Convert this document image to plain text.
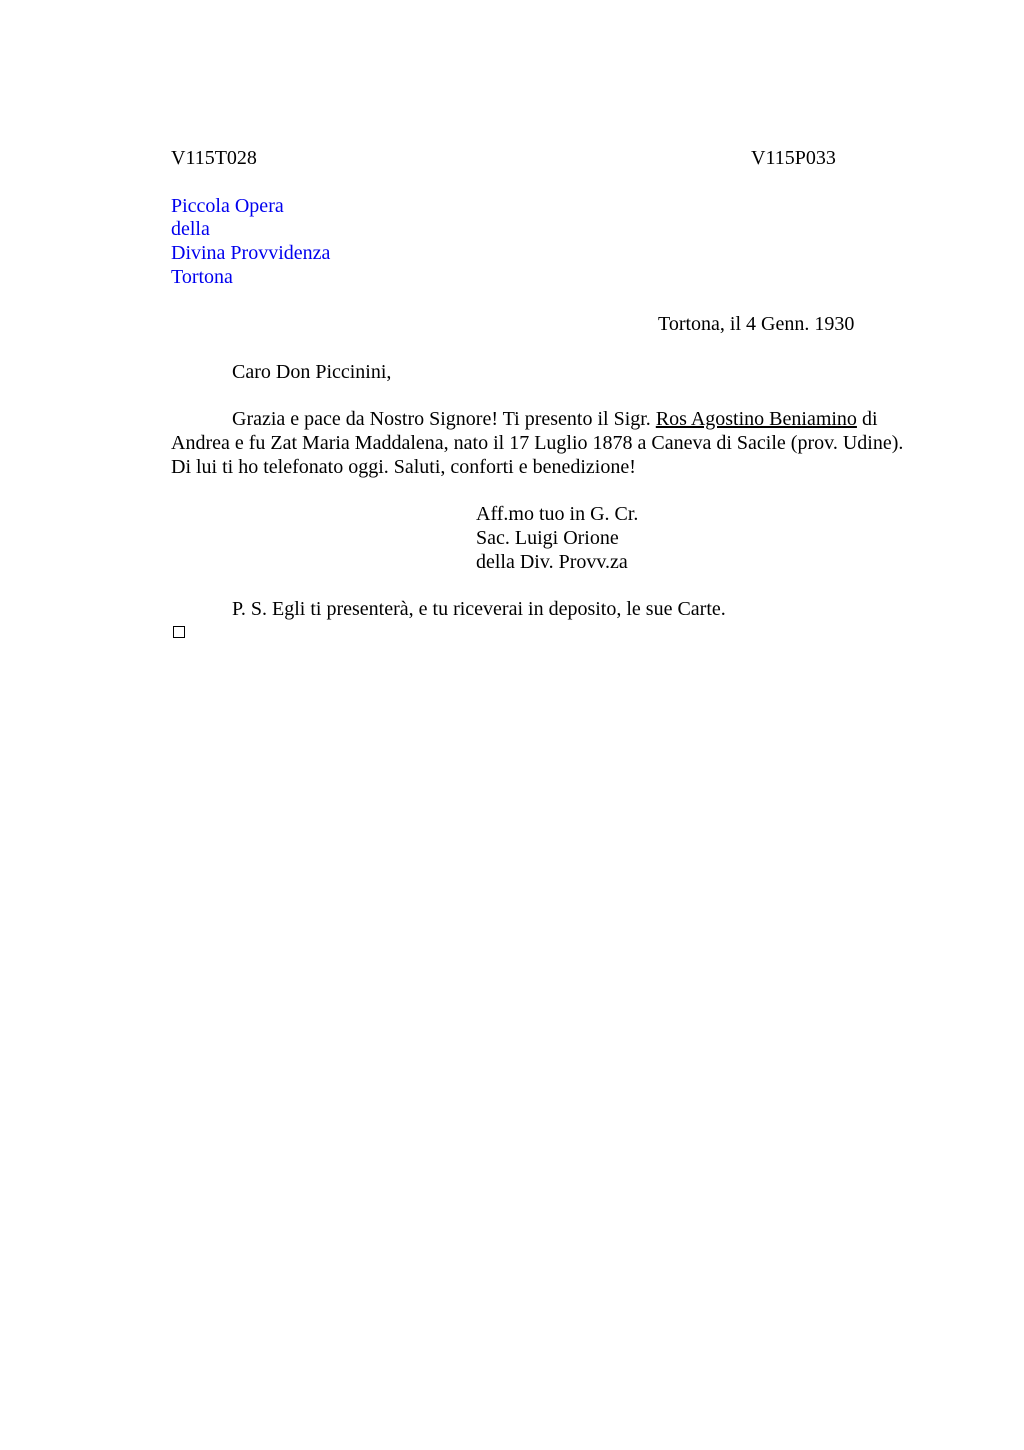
V115T028	V115P033
Piccola Opera
della
Divina Provvidenza
Tortona
Tortona, il 4 Genn. 1930
Caro Don Piccinini,
Grazia e pace da Nostro Signore! Ti presento il Sigr. Ros Agostino Beniamino di Andrea e fu Zat Maria Maddalena, nato il 17 Luglio 1878 a Caneva di Sacile (prov. Udine). Di lui ti ho telefonato oggi. Saluti, conforti e benedizione!
Aff.mo tuo in G. Cr.
Sac. Luigi Orione
della Div. Provv.za
P. S. Egli ti presenterà, e tu riceverai in deposito, le sue Carte.
